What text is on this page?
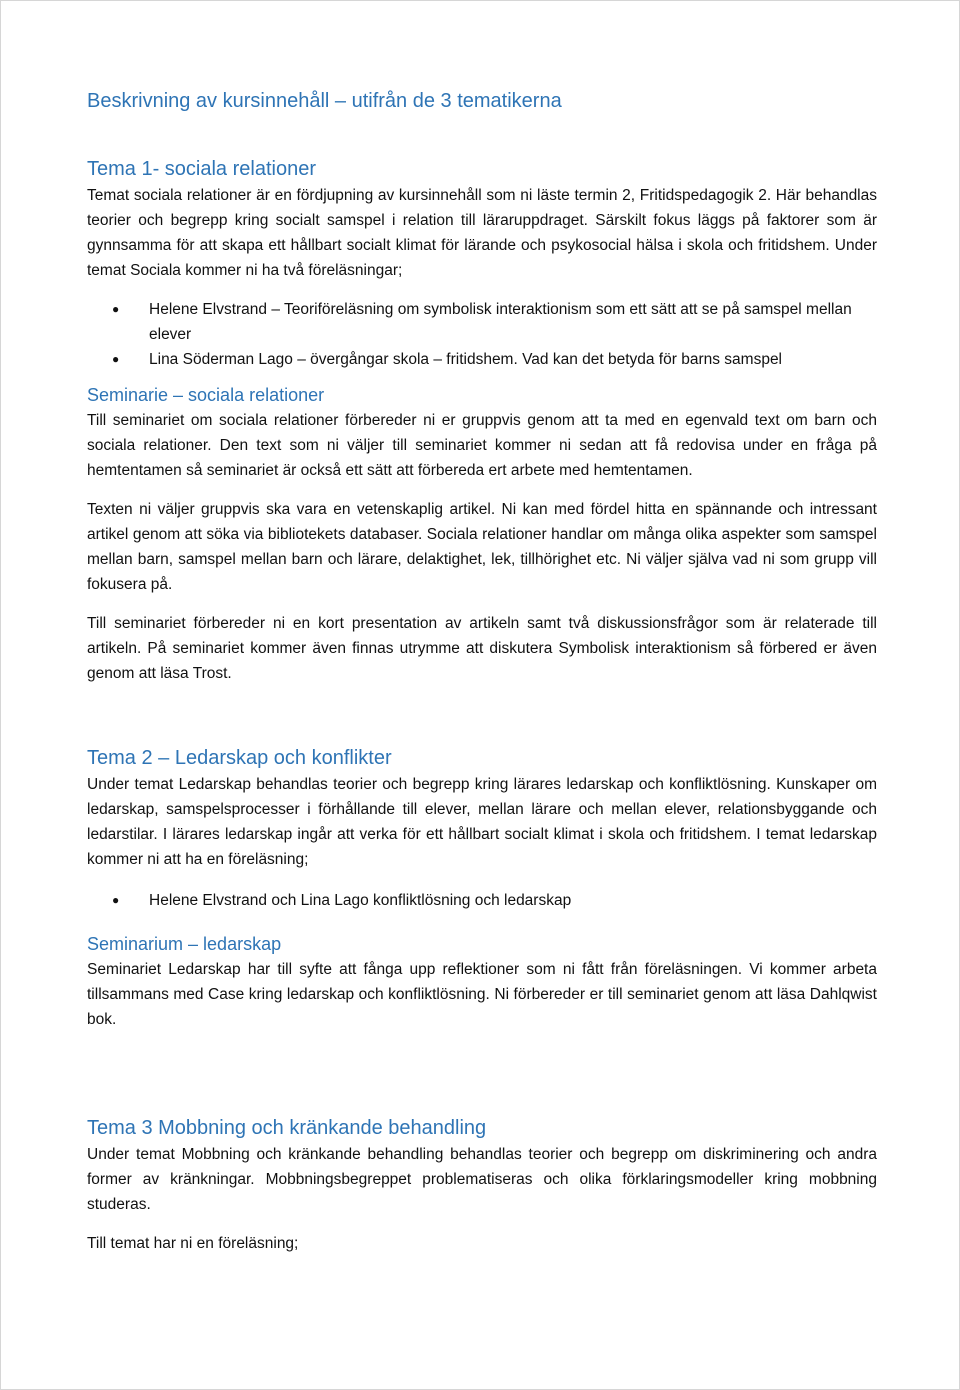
Beskrivning av kursinnehåll – utifrån de 3 tematikerna
Tema 1- sociala relationer

Temat sociala relationer är en fördjupning av kursinnehåll som ni läste termin 2, Fritidspedagogik 2. Här behandlas teorier och begrepp kring socialt samspel i relation till läraruppdraget. Särskilt fokus läggs på faktorer som är gynnsamma för att skapa ett hållbart socialt klimat för lärande och psykosocial hälsa i skola och fritidshem. Under temat Sociala kommer ni ha två föreläsningar;

● Helene Elvstrand – Teoriföreläsning om symbolisk interaktionism som ett sätt att se på samspel mellan elever
● Lina Söderman Lago – övergångar skola – fritidshem. Vad kan det betyda för barns samspel
Seminarie – sociala relationer

Till seminariet om sociala relationer förbereder ni er gruppvis genom att ta med en egenvald text om barn och sociala relationer. Den text som ni väljer till seminariet kommer ni sedan att få redovisa under en fråga på hemtentamen så seminariet är också ett sätt att förbereda ert arbete med hemtentamen.

Texten ni väljer gruppvis ska vara en vetenskaplig artikel. Ni kan med fördel hitta en spännande och intressant artikel genom att söka via bibliotekets databaser. Sociala relationer handlar om många olika aspekter som samspel mellan barn, samspel mellan barn och lärare, delaktighet, lek, tillhörighet etc. Ni väljer själva vad ni som grupp vill fokusera på.

Till seminariet förbereder ni en kort presentation av artikeln samt två diskussionsfrågor som är relaterade till artikeln. På seminariet kommer även finnas utrymme att diskutera Symbolisk interaktionism så förbered er även genom att läsa Trost.

Tema 2 – Ledarskap och konflikter

Under temat Ledarskap behandlas teorier och begrepp kring lärares ledarskap och konfliktlösning. Kunskaper om ledarskap, samspelsprocesser i förhållande till elever, mellan lärare och mellan elever, relationsbyggande och ledarstilar. I lärares ledarskap ingår att verka för ett hållbart socialt klimat i skola och fritidshem. I temat ledarskap kommer ni att ha en föreläsning;

● Helene Elvstrand och Lina Lago konfliktlösning och ledarskap
Seminarium – ledarskap

Seminariet Ledarskap har till syfte att fånga upp reflektioner som ni fått från föreläsningen. Vi kommer arbeta tillsammans med Case kring ledarskap och konfliktlösning. Ni förbereder er till seminariet genom att läsa Dahlqwist bok.

Tema 3 Mobbning och kränkande behandling

Under temat Mobbning och kränkande behandling behandlas teorier och begrepp om diskriminering och andra former av kränkningar. Mobbningsbegreppet problematiseras och olika förklaringsmodeller kring mobbning studeras.

Till temat har ni en föreläsning;
